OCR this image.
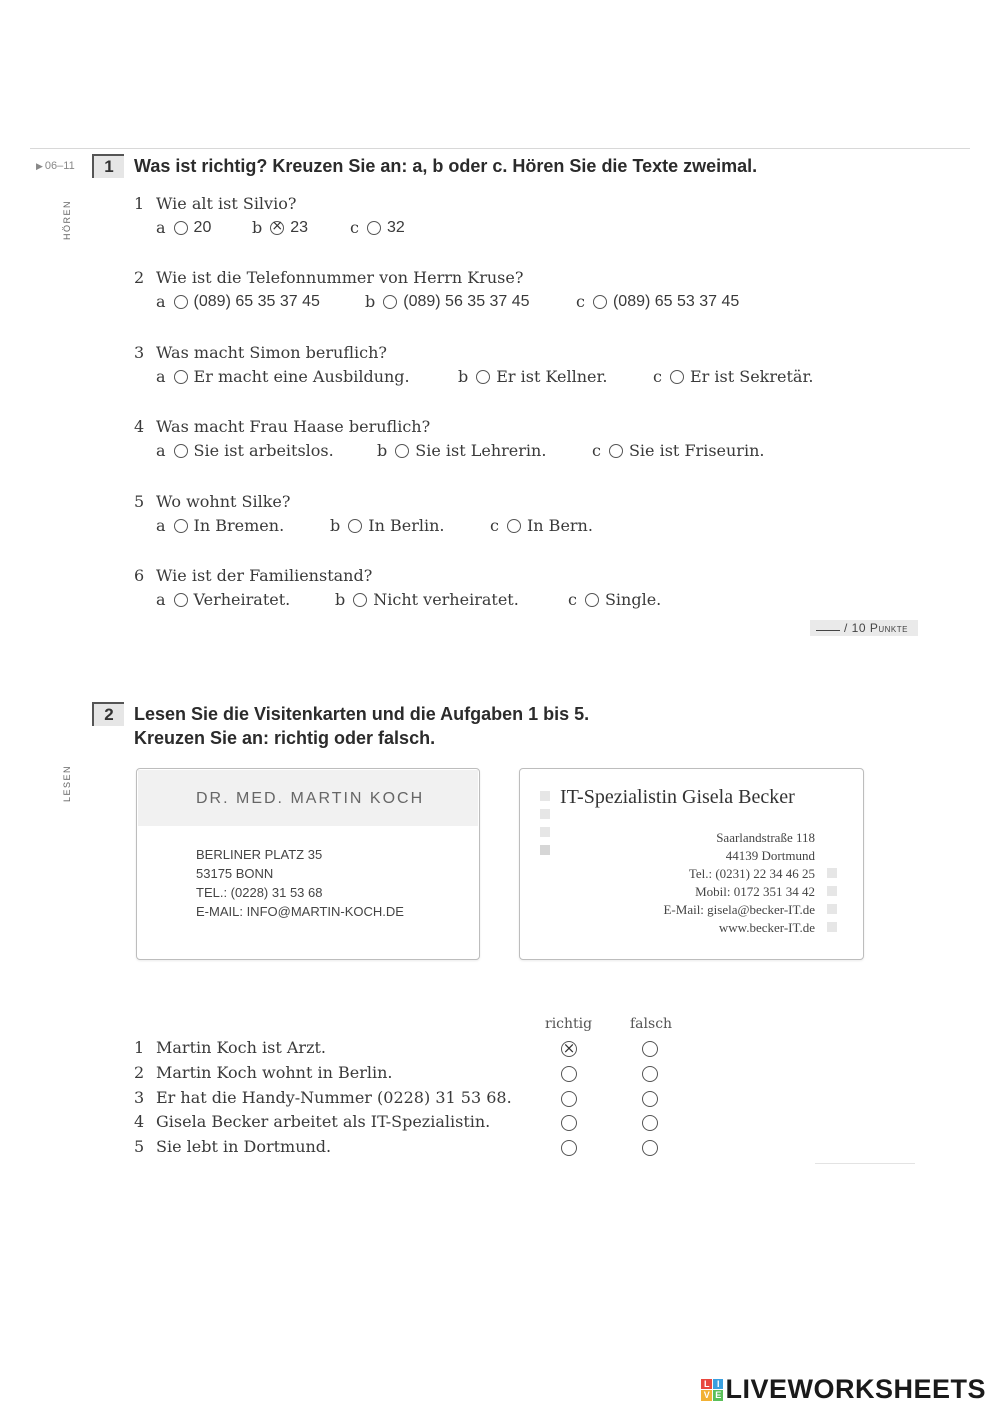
▶ 06–11	1	Was ist richtig? Kreuzen Sie an: a, b oder c. Hören Sie die Texte zweimal.
HÖREN	1 Wie alt ist Silvio?
a 20	b
× 23	c 32
2 Wie ist die Telefonnummer von Herrn Kruse?
a (089) 65 35 37 45	b (089) 56 35 37 45	c (089) 65 53 37 45
3 Was macht Simon beruflich?
a Er macht eine Ausbildung.	b Er ist Kellner.	c Er ist Sekretär.
4 Was macht Frau Haase beruflich?
a Sie ist arbeitslos.	b Sie ist Lehrerin.	c Sie ist Friseurin.
5 Wo wohnt Silke?
a In Bremen.	b In Berlin.	c In Bern.
6 Wie ist der Familienstand?
a Verheiratet.	b Nicht verheiratet.	c Single.
/ 10 Punkte
2	Lesen Sie die Visitenkarten und die Aufgaben 1 bis 5.
Kreuzen Sie an: richtig oder falsch.
LESEN	DR. MED. MARTIN KOCH
BERLINER PLATZ 35
53175 BONN
TEL.: (0228) 31 53 68
E-MAIL: INFO@MARTIN-KOCH.DE
IT-Spezialistin Gisela Becker
Saarlandstraße 118
44139 Dortmund
Tel.: (0231) 22 34 46 25
Mobil: 0172 351 34 42
E-Mail: gisela@becker-IT.de
www.becker-IT.de
richtig	falsch
1 Martin Koch ist Arzt.
×
2 Martin Koch wohnt in Berlin.
3 Er hat die Handy-Nummer (0228) 31 53 68.
4 Gisela Becker arbeitet als IT-Spezialistin.
5 Sie lebt in Dortmund.
L I
V E LIVEWORKSHEETS
